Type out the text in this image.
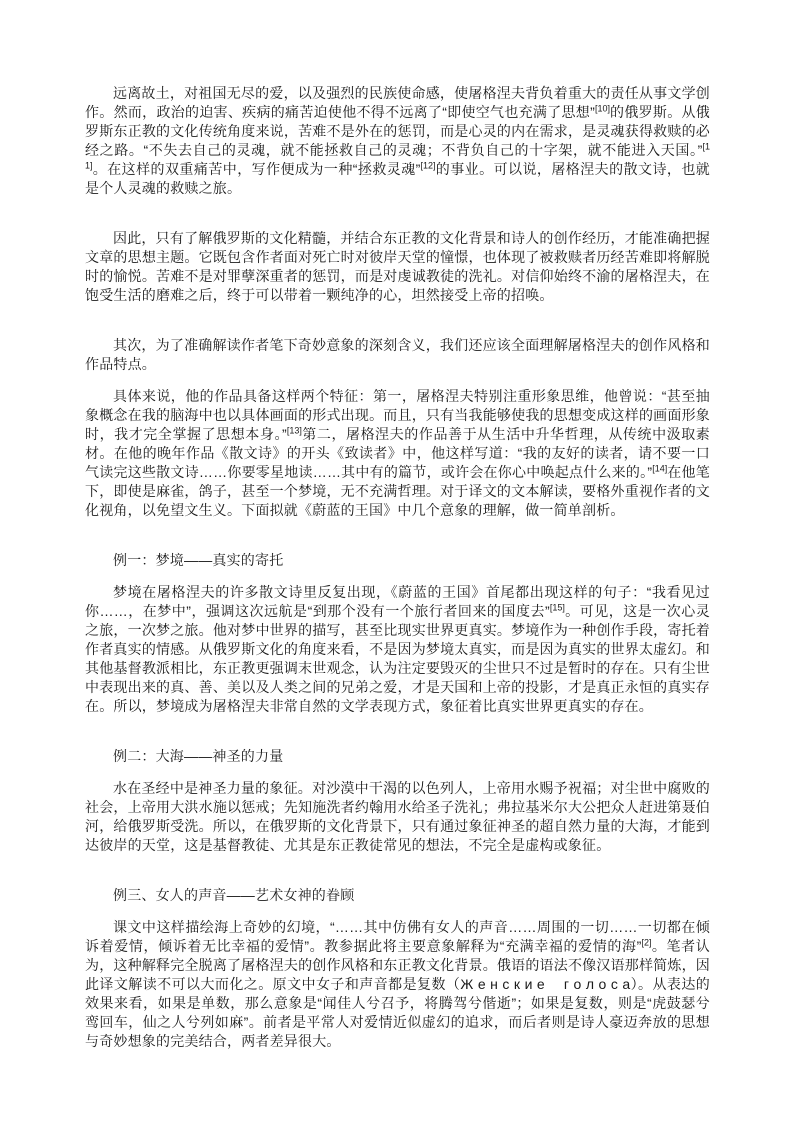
远离故土，对祖国无尽的爱，以及强烈的民族使命感，使屠格涅夫背负着重大的责任从事文学创作。然而，政治的迫害、疾病的痛苦迫使他不得不远离了“即使空气也充满了思想”[10]的俄罗斯。从俄罗斯东正教的文化传统角度来说，苦难不是外在的惩罚，而是心灵的内在需求，是灵魂获得救赎的必经之路。“不失去自己的灵魂，就不能拯救自己的灵魂；不背负自己的十字架，就不能进入天国。”[11]。在这样的双重痛苦中，写作便成为一种“拯救灵魂”[12]的事业。可以说，屠格涅夫的散文诗，也就是个人灵魂的救赎之旅。

因此，只有了解俄罗斯的文化精髓，并结合东正教的文化背景和诗人的创作经历，才能准确把握文章的思想主题。它既包含作者面对死亡时对彼岸天堂的憧憬，也体现了被救赎者历经苦难即将解脱时的愉悦。苦难不是对罪孽深重者的惩罚，而是对虔诚教徒的洗礼。对信仰始终不渝的屠格涅夫，在饱受生活的磨难之后，终于可以带着一颗纯净的心，坦然接受上帝的招唤。

其次，为了准确解读作者笔下奇妙意象的深刻含义，我们还应该全面理解屠格涅夫的创作风格和作品特点。

具体来说，他的作品具备这样两个特征：第一，屠格涅夫特别注重形象思维，他曾说：“甚至抽象概念在我的脑海中也以具体画面的形式出现。而且，只有当我能够使我的思想变成这样的画面形象时，我才完全掌握了思想本身。”[13]第二，屠格涅夫的作品善于从生活中升华哲理，从传统中汲取素材。在他的晚年作品《散文诗》的开头《致读者》中，他这样写道：“我的友好的读者，请不要一口气读完这些散文诗……你要零星地读……其中有的篇节，或许会在你心中唤起点什么来的。”[14]在他笔下，即使是麻雀，鸽子，甚至一个梦境，无不充满哲理。对于译文的文本解读，要格外重视作者的文化视角，以免望文生义。下面拟就《蔚蓝的王国》中几个意象的理解，做一简单剖析。

例一：梦境——真实的寄托

梦境在屠格涅夫的许多散文诗里反复出现，《蔚蓝的王国》首尾都出现这样的句子：“我看见过你……，在梦中”，强调这次远航是“到那个没有一个旅行者回来的国度去”[15]。可见，这是一次心灵之旅，一次梦之旅。他对梦中世界的描写，甚至比现实世界更真实。梦境作为一种创作手段，寄托着作者真实的情感。从俄罗斯文化的角度来看，不是因为梦境太真实，而是因为真实的世界太虚幻。和其他基督教派相比，东正教更强调末世观念，认为注定要毁灭的尘世只不过是暂时的存在。只有尘世中表现出来的真、善、美以及人类之间的兄弟之爱，才是天国和上帝的投影，才是真正永恒的真实存在。所以，梦境成为屠格涅夫非常自然的文学表现方式，象征着比真实世界更真实的存在。

例二：大海——神圣的力量

水在圣经中是神圣力量的象征。对沙漠中干渴的以色列人，上帝用水赐予祝福；对尘世中腐败的社会，上帝用大洪水施以惩戒；先知施洗者约翰用水给圣子洗礼；弗拉基米尔大公把众人赶进第聂伯河，给俄罗斯受洗。所以，在俄罗斯的文化背景下，只有通过象征神圣的超自然力量的大海，才能到达彼岸的天堂，这是基督教徒、尤其是东正教徒常见的想法，不完全是虚构或象征。

例三、女人的声音——艺术女神的眷顾

课文中这样描绘海上奇妙的幻境，“……其中仿佛有女人的声音……周围的一切……一切都在倾诉着爱情，倾诉着无比幸福的爱情”。教参据此将主要意象解释为“充满幸福的爱情的海”[2]。笔者认为，这种解释完全脱离了屠格涅夫的创作风格和东正教文化背景。俄语的语法不像汉语那样简炼，因此译文解读不可以大而化之。原文中女子和声音都是复数（Ж е н с к и е　 г о л о с а）。从表达的效果来看，如果是单数，那么意象是“闻佳人兮召予，将腾驾兮偕逝”；如果是复数，则是“虎鼓瑟兮鸾回车，仙之人兮列如麻”。前者是平常人对爱情近似虚幻的追求，而后者则是诗人豪迈奔放的思想与奇妙想象的完美结合，两者差异很大。
